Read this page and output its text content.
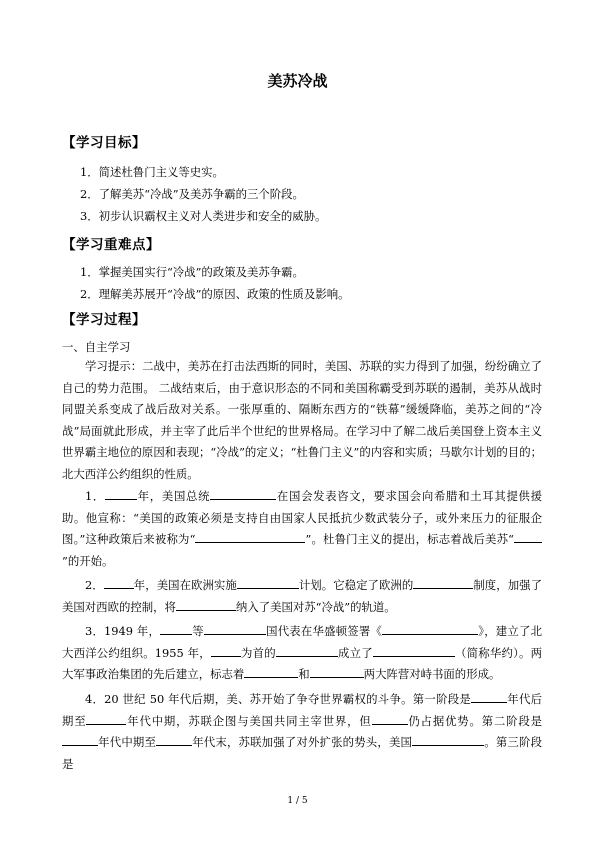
美苏冷战
【学习目标】
1．简述杜鲁门主义等史实。
2．了解美苏“冷战”及美苏争霸的三个阶段。
3．初步认识霸权主义对人类进步和安全的威胁。
【学习重难点】
1．掌握美国实行“冷战”的政策及美苏争霸。
2．理解美苏展开“冷战”的原因、政策的性质及影响。
【学习过程】
一、自主学习

学习提示：二战中，美苏在打击法西斯的同时，美国、苏联的实力得到了加强，纷纷确立了自己的势力范围。 二战结束后，由于意识形态的不同和美国称霸受到苏联的遏制，美苏从战时同盟关系变成了战后敌对关系。一张厚重的、隔断东西方的“铁幕”缓缓降临，美苏之间的“冷战”局面就此形成，并主宰了此后半个世纪的世界格局。在学习中了解二战后美国登上资本主义世界霸主地位的原因和表现；“冷战”的定义；“杜鲁门主义”的内容和实质；马歇尔计划的目的；北大西洋公约组织的性质。

1．	年，美国总统	在国会发表咨文，要求国会向希腊和土耳其提供援助。他宣称：“美国的政策必须是支持自由国家人民抵抗少数武装分子，或外来压力的征服企图。”这种政策后来被称为“	”。杜鲁门主义的提出，标志着战后美苏“”的开始。

2．	年，美国在欧洲实施	计划。它稳定了欧洲的	制度，加强了美国对西欧的控制，将	纳入了美国对苏“冷战”的轨道。

3．1949 年，	等	国代表在华盛顿签署《	》，建立了北大西洋公约组织。1955 年，	为首的	成立了	（简称华约）。两大军事政治集团的先后建立，标志着	和	两大阵营对峙书面的形成。

4．20 世纪 50 年代后期，美、苏开始了争夺世界霸权的斗争。第一阶段是	年代后期至	年代中期，苏联企图与美国共同主宰世界，但	仍占据优势。第二阶段是年代中期至	年代末，苏联加强了对外扩张的势头，美国	。第三阶段是

1 / 5
